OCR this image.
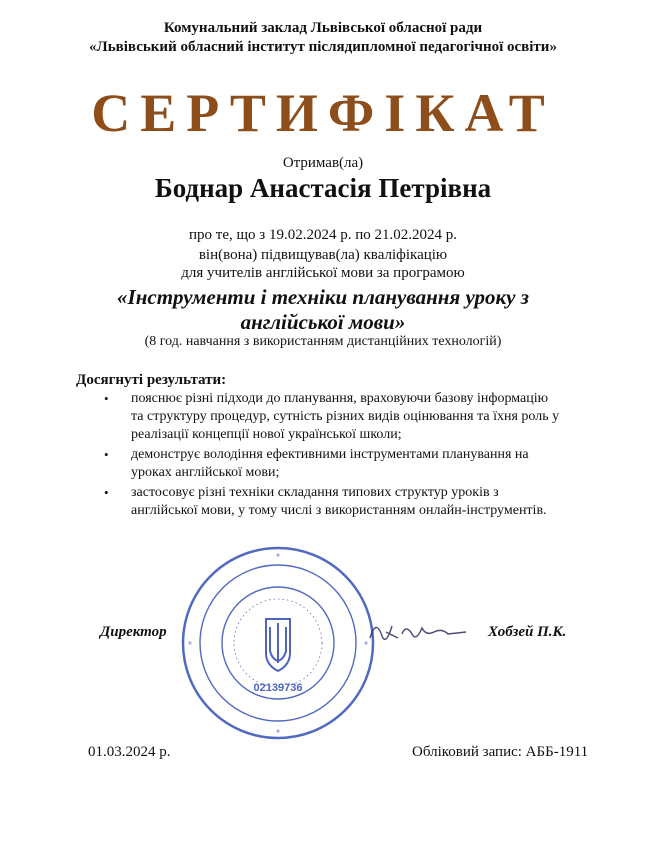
Комунальний заклад Львівської обласної ради
«Львівський обласний інститут післядипломної педагогічної освіти»
СЕРТИФІКАТ
Отримав(ла)
Боднар Анастасія Петрівна
про те, що з 19.02.2024 р. по 21.02.2024 р.
він(вона) підвищував(ла) кваліфікацію
для учителів англійської мови за програмою
«Інструменти і техніки планування уроку з
англійської мови»
(8 год. навчання з використанням дистанційних технологій)
Досягнуті результати:
• пояснює різні підходи до планування, враховуючи базову інформацію
та структуру процедур, сутність різних видів оцінювання та їхня роль у
реалізації концепції нової української школи;
• демонструє володіння ефективними інструментами планування на
уроках англійської мови;
• застосовує різні техніки складання типових структур уроків з
англійської мови, у тому числі з використанням онлайн-інструментів.
02139736
Директор	Хобзей П.К.
01.03.2024 р.	Обліковий запис: АББ-1911
